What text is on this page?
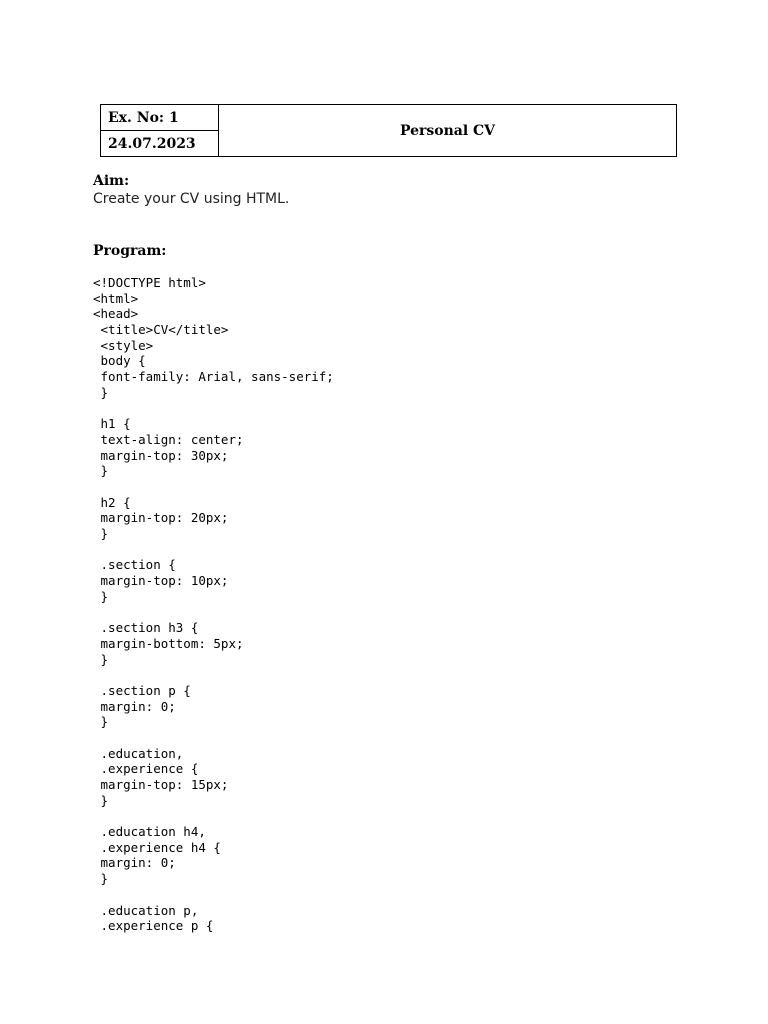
Ex. No: 1	Personal CV
24.07.2023
Aim:
Create your CV using HTML.
Program:
<!DOCTYPE html>
<html>
<head>
<title>CV</title>
<style>
body {
font-family: Arial, sans-serif;
}
h1 {
text-align: center;
margin-top: 30px;
}
h2 {
margin-top: 20px;
}
.section {
margin-top: 10px;
}
.section h3 {
margin-bottom: 5px;
}
.section p {
margin: 0;
}
.education,
.experience {
margin-top: 15px;
}
.education h4,
.experience h4 {
margin: 0;
}
.education p,
.experience p {
